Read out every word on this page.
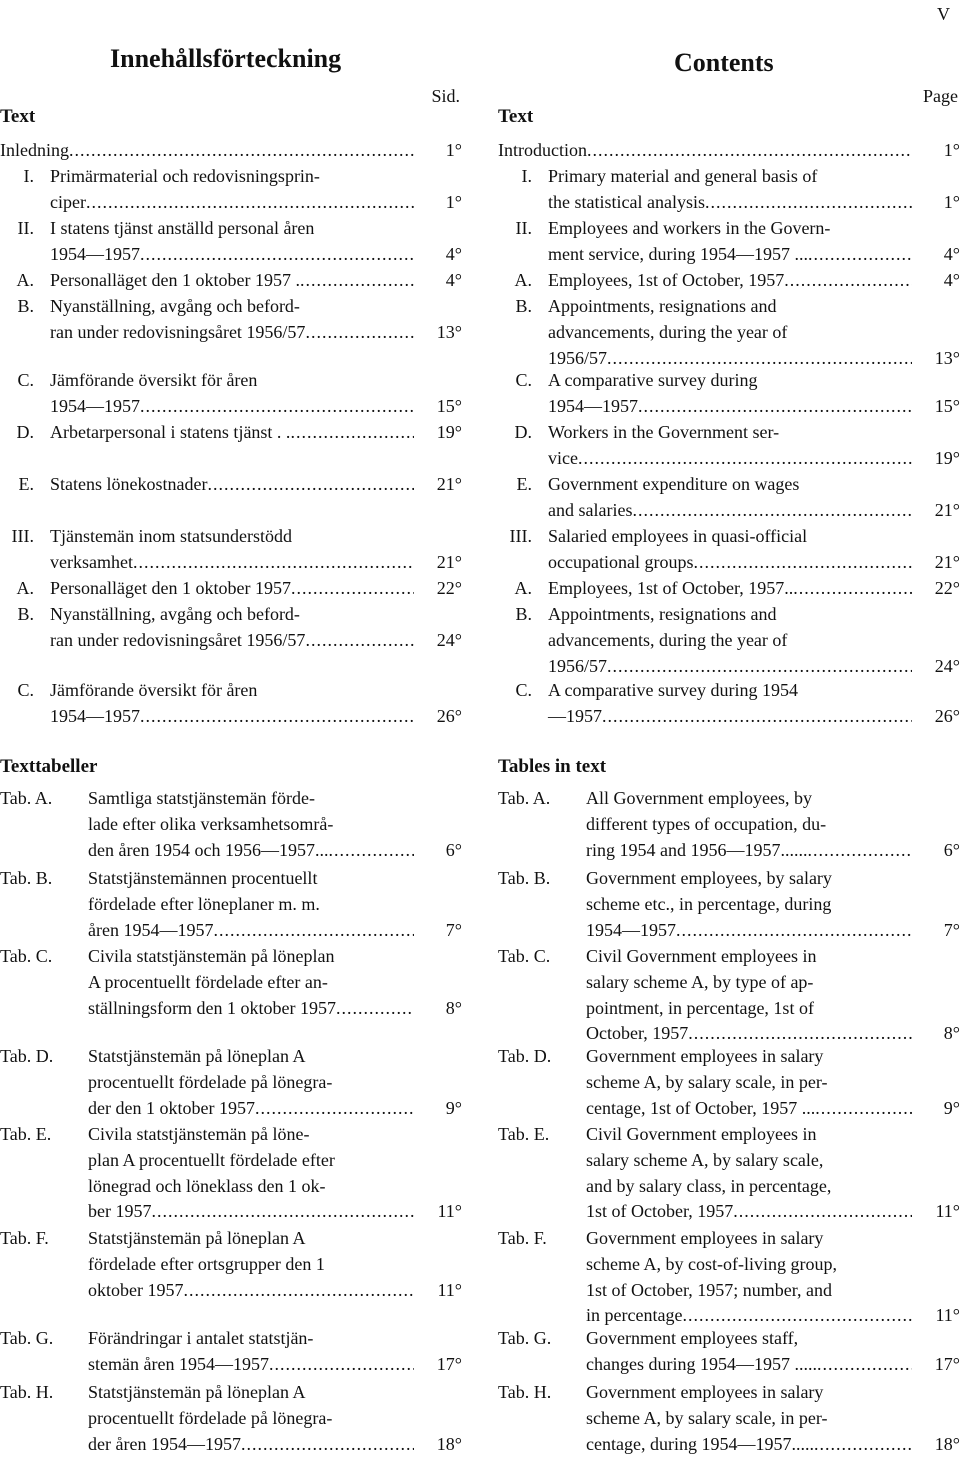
V
Innehållsförteckning
Sid.
Text
Texttabeller
Inledning .....	1°
I. Primärmaterial och redovisningsprin-
ciper .....	1°
II. I statens tjänst anställd personal åren
1954—1957 .....	4°
A. Personalläget den 1 oktober 1957 . .....	4°
B. Nyanställning, avgång och beford-
ran under redovisningsåret 1956/57 .....	13°
C. Jämförande översikt för åren
1954—1957 .....	15°
D. Arbetarpersonal i statens tjänst . . .....	19°
E. Statens lönekostnader .....	21°
III. Tjänstemän inom statsunderstödd
verksamhet .....	21°
A. Personalläget den 1 oktober 1957 .....	22°
B. Nyanställning, avgång och beford-
ran under redovisningsåret 1956/57 .....	24°
C. Jämförande översikt för åren
1954—1957 .....	26°
Tab. A.	Samtliga statstjänstemän förde-
lade efter olika verksamhetsområ-
den åren 1954 och 1956—1957... .....	6°
Tab. B.	Statstjänstemännen procentuellt
fördelade efter löneplaner m. m.
åren 1954—1957 .....	7°
Tab. C.	Civila statstjänstemän på löneplan
A procentuellt fördelade efter an-
ställningsform den 1 oktober 1957 .....	8°
Tab. D.	Statstjänstemän på löneplan A
procentuellt fördelade på lönegra-
der den 1 oktober 1957 .....	9°
Tab. E.	Civila statstjänstemän på löne-
plan A procentuellt fördelade efter
lönegrad och löneklass den 1 ok-
ber 1957 .....	11°
Tab. F.	Statstjänstemän på löneplan A
fördelade efter ortsgrupper den 1
oktober 1957 .....	11°
Tab. G.	Förändringar i antalet statstjän-
stemän åren 1954—1957 .....	17°
Tab. H.	Statstjänstemän på löneplan A
procentuellt fördelade på lönegra-
der åren 1954—1957 .....	18°
Contents
Page
Text
Tables in text
Introduction .....	1°
I. Primary material and general basis of
the statistical analysis .....	1°
II. Employees and workers in the Govern-
ment service, during 1954—1957 ... .....	4°
A. Employees, 1st of October, 1957 .....	4°
B. Appointments, resignations and
advancements, during the year of
1956/57 .....	13°
C. A comparative survey during
1954—1957 .....	15°
D. Workers in the Government ser-
vice .....	19°
E. Government expenditure on wages
and salaries .....	21°
III. Salaried employees in quasi-official
occupational groups .....	21°
A. Employees, 1st of October, 1957.. .....	22°
B. Appointments, resignations and
advancements, during the year of
1956/57 .....	24°
C. A comparative survey during 1954
—1957 .....	26°
Tab. A.	All Government employees, by
different types of occupation, du-
ring 1954 and 1956—1957...... .....	6°
Tab. B.	Government employees, by salary
scheme etc., in percentage, during
1954—1957 .....	7°
Tab. C.	Civil Government employees in
salary scheme A, by type of ap-
pointment, in percentage, 1st of
October, 1957 .....	8°
Tab. D.	Government employees in salary
scheme A, by salary scale, in per-
centage, 1st of October, 1957 ... .....	9°
Tab. E.	Civil Government employees in
salary scheme A, by salary scale,
and by salary class, in percentage,
1st of October, 1957 .....	11°
Tab. F.	Government employees in salary
scheme A, by cost-of-living group,
1st of October, 1957; number, and
in percentage .....	11°
Tab. G.	Government employees staff,
changes during 1954—1957 ..... .....	17°
Tab. H.	Government employees in salary
scheme A, by salary scale, in per-
centage, during 1954—1957..... .....	18°
